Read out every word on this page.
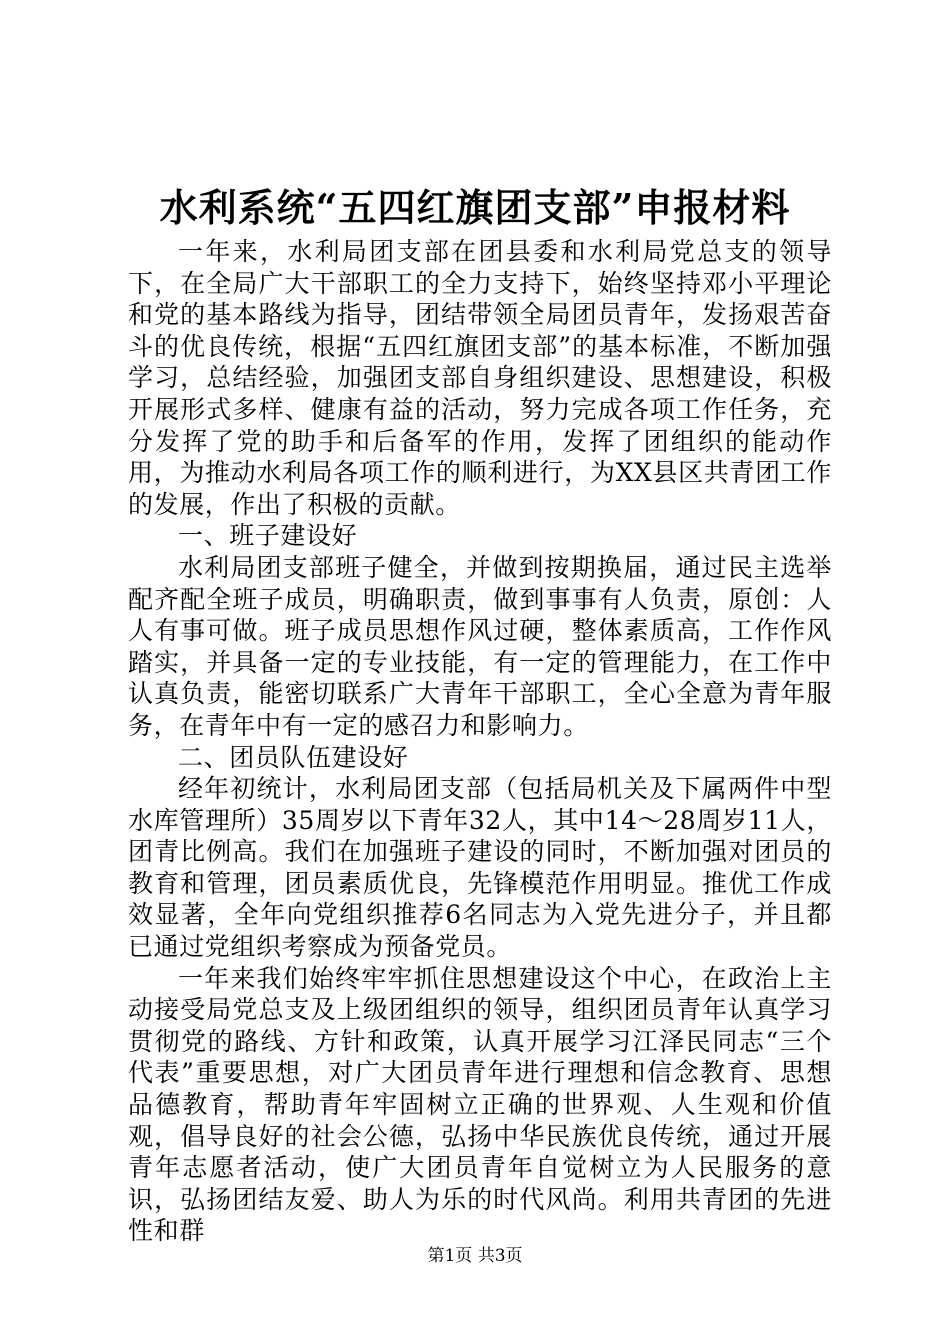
水利系统“五四红旗团支部”申报材料

一年来，水利局团支部在团县委和水利局党总支的领导下，在全局广大干部职工的全力支持下，始终坚持邓小平理论和党的基本路线为指导，团结带领全局团员青年，发扬艰苦奋斗的优良传统，根据“五四红旗团支部”的基本标准，不断加强学习，总结经验，加强团支部自身组织建设、思想建设，积极开展形式多样、健康有益的活动，努力完成各项工作任务，充分发挥了党的助手和后备军的作用，发挥了团组织的能动作用，为推动水利局各项工作的顺利进行，为XX县区共青团工作的发展，作出了积极的贡献。

一、班子建设好

水利局团支部班子健全，并做到按期换届，通过民主选举配齐配全班子成员，明确职责，做到事事有人负责，原创：人人有事可做。班子成员思想作风过硬，整体素质高，工作作风踏实，并具备一定的专业技能，有一定的管理能力，在工作中认真负责，能密切联系广大青年干部职工，全心全意为青年服务，在青年中有一定的感召力和影响力。

二、团员队伍建设好

经年初统计，水利局团支部（包括局机关及下属两件中型水库管理所）35周岁以下青年32人，其中14～28周岁11人，团青比例高。我们在加强班子建设的同时，不断加强对团员的教育和管理，团员素质优良，先锋模范作用明显。推优工作成效显著，全年向党组织推荐6名同志为入党先进分子，并且都已通过党组织考察成为预备党员。

一年来我们始终牢牢抓住思想建设这个中心，在政治上主动接受局党总支及上级团组织的领导，组织团员青年认真学习贯彻党的路线、方针和政策，认真开展学习江泽民同志“三个代表”重要思想，对广大团员青年进行理想和信念教育、思想品德教育，帮助青年牢固树立正确的世界观、人生观和价值观，倡导良好的社会公德，弘扬中华民族优良传统，通过开展青年志愿者活动，使广大团员青年自觉树立为人民服务的意识，弘扬团结友爱、助人为乐的时代风尚。利用共青团的先进性和群

第1页 共3页
